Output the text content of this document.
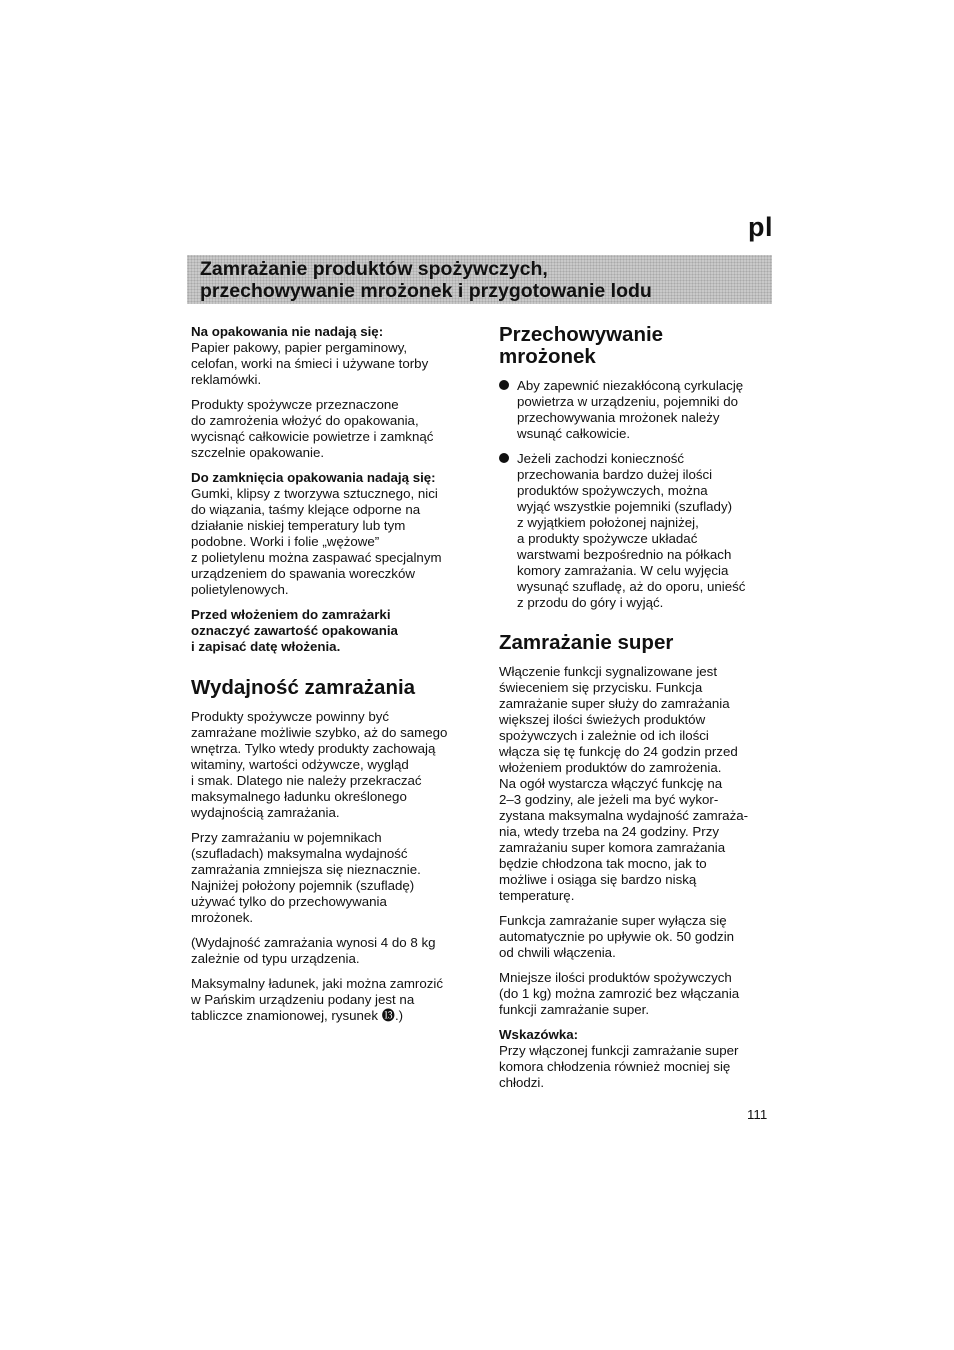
pl
Zamrażanie produktów spożywczych,
przechowywanie mrożonek i przygotowanie lodu

Na opakowania nie nadają się:
Papier pakowy, papier pergaminowy,
celofan, worki na śmieci i używane torby
reklamówki.

Produkty spożywcze przeznaczone
do zamrożenia włożyć do opakowania,
wycisnąć całkowicie powietrze i zamknąć
szczelnie opakowanie.

Do zamknięcia opakowania nadają się:
Gumki, klipsy z tworzywa sztucznego, nici
do wiązania, taśmy klejące odporne na
działanie niskiej temperatury lub tym
podobne. Worki i folie „wężowe”
z polietylenu można zaspawać specjalnym
urządzeniem do spawania woreczków
polietylenowych.

Przed włożeniem do zamrażarki
oznaczyć zawartość opakowania
i zapisać datę włożenia.

Wydajność zamrażania

Produkty spożywcze powinny być
zamrażane możliwie szybko, aż do samego
wnętrza. Tylko wtedy produkty zachowają
witaminy, wartości odżywcze, wygląd
i smak. Dlatego nie należy przekraczać
maksymalnego ładunku określonego
wydajnością zamrażania.

Przy zamrażaniu w pojemnikach
(szufladach) maksymalna wydajność
zamrażania zmniejsza się nieznacznie.
Najniżej położony pojemnik (szufladę)
używać tylko do przechowywania
mrożonek.

(Wydajność zamrażania wynosi 4 do 8 kg
zależnie od typu urządzenia.

Maksymalny ładunek, jaki można zamrozić
w Pańskim urządzeniu podany jest na
tabliczce znamionowej, rysunek ⓭.)

Przechowywanie
mrożonek
Aby zapewnić niezakłóconą cyrkulację
powietrza w urządzeniu, pojemniki do
przechowywania mrożonek należy
wsunąć całkowicie.
Jeżeli zachodzi konieczność
przechowania bardzo dużej ilości
produktów spożywczych, można
wyjąć wszystkie pojemniki (szuflady)
z wyjątkiem położonej najniżej,
a produkty spożywcze układać
warstwami bezpośrednio na półkach
komory zamrażania. W celu wyjęcia
wysunąć szufladę, aż do oporu, unieść
z przodu do góry i wyjąć.
Zamrażanie super

Włączenie funkcji sygnalizowane jest
świeceniem się przycisku. Funkcja
zamrażanie super służy do zamrażania
większej ilości świeżych produktów
spożywczych i zależnie od ich ilości
włącza się tę funkcję do 24 godzin przed
włożeniem produktów do zamrożenia.
Na ogół wystarcza włączyć funkcję na
2–3 godziny, ale jeżeli ma być wykor-
zystana maksymalna wydajność zamraża-
nia, wtedy trzeba na 24 godziny. Przy
zamrażaniu super komora zamrażania
będzie chłodzona tak mocno, jak to
możliwe i osiąga się bardzo niską
temperaturę.

Funkcja zamrażanie super wyłącza się
automatycznie po upływie ok. 50 godzin
od chwili włączenia.

Mniejsze ilości produktów spożywczych
(do 1 kg) można zamrozić bez włączania
funkcji zamrażanie super.

Wskazówka:
Przy włączonej funkcji zamrażanie super
komora chłodzenia również mocniej się
chłodzi.

111
